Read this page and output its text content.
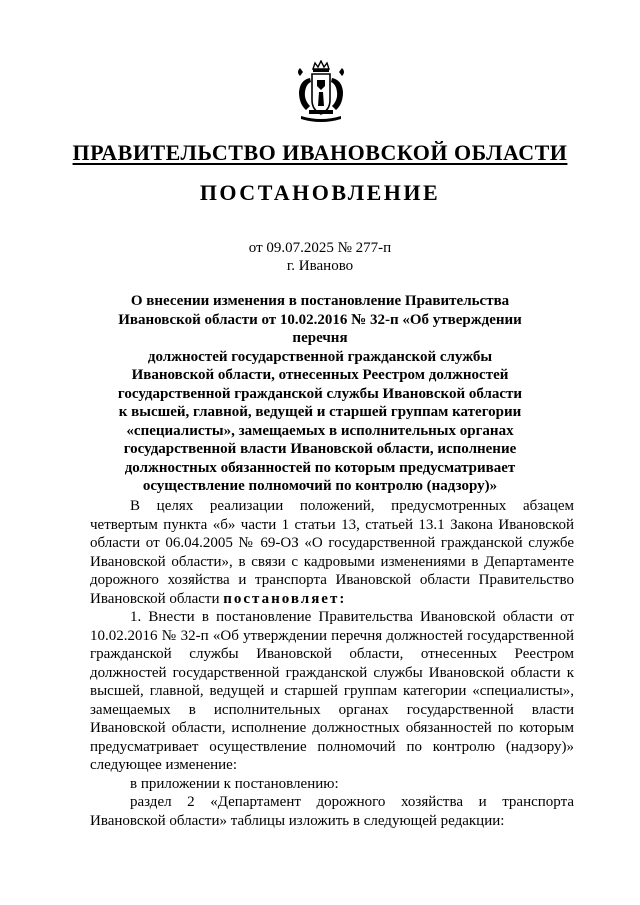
ПРАВИТЕЛЬСТВО ИВАНОВСКОЙ ОБЛАСТИ
ПОСТАНОВЛЕНИЕ
от 09.07.2025 № 277-п
г. Иваново
О внесении изменения в постановление Правительства
Ивановской области от 10.02.2016 № 32-п «Об утверждении перечня
должностей государственной гражданской службы
Ивановской области, отнесенных Реестром должностей
государственной гражданской службы Ивановской области
к высшей, главной, ведущей и старшей группам категории
«специалисты», замещаемых в исполнительных органах
государственной власти Ивановской области, исполнение
должностных обязанностей по которым предусматривает
осуществление полномочий по контролю (надзору)»

В целях реализации положений, предусмотренных абзацем четвертым пункта «б» части 1 статьи 13, статьей 13.1 Закона Ивановской области от 06.04.2005 № 69-ОЗ «О государственной гражданской службе Ивановской области», в связи с кадровыми изменениями в Департаменте дорожного хозяйства и транспорта Ивановской области Правительство Ивановской области постановляет:

1. Внести в постановление Правительства Ивановской области от 10.02.2016 № 32-п «Об утверждении перечня должностей государственной гражданской службы Ивановской области, отнесенных Реестром должностей государственной гражданской службы Ивановской области к высшей, главной, ведущей и старшей группам категории «специалисты», замещаемых в исполнительных органах государственной власти Ивановской области, исполнение должностных обязанностей по которым предусматривает осуществление полномочий по контролю (надзору)» следующее изменение:

в приложении к постановлению:

раздел 2 «Департамент дорожного хозяйства и транспорта Ивановской области» таблицы изложить в следующей редакции:
